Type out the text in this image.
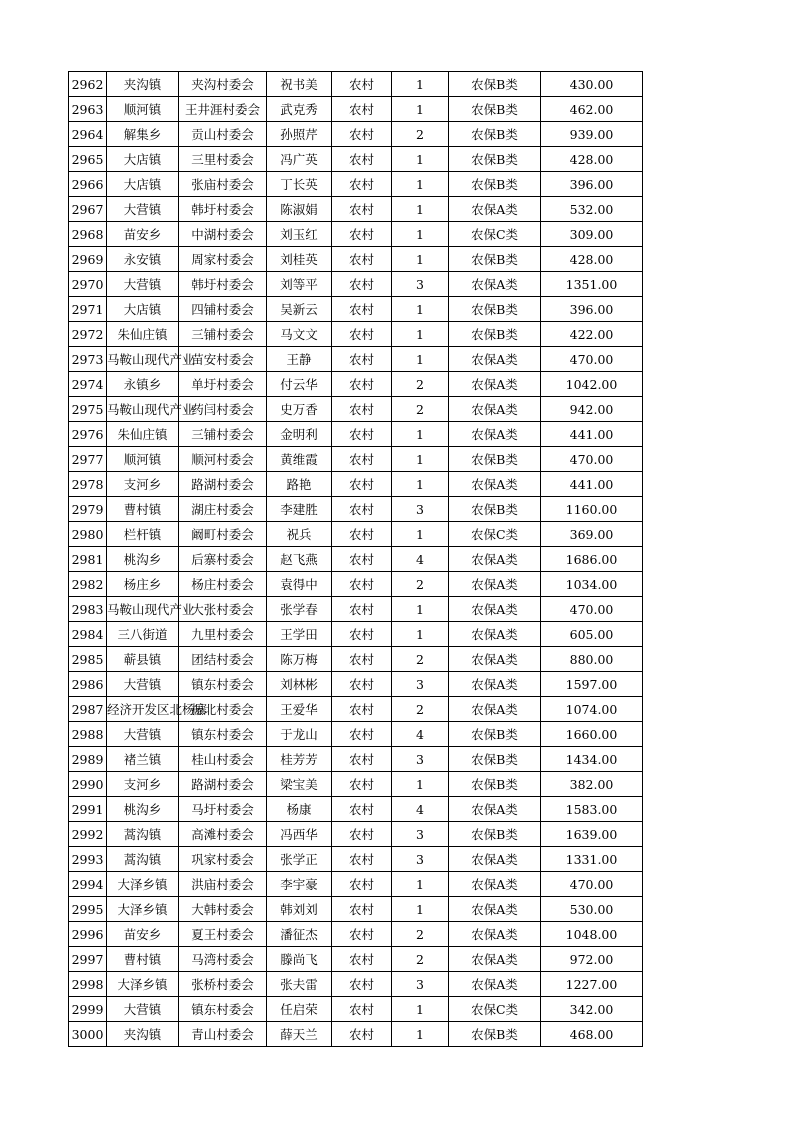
2962	夹沟镇	夹沟村委会	祝书美	农村	1	农保B类	430.00
2963	顺河镇	王井涯村委会	武克秀	农村	1	农保B类	462.00
2964	解集乡	贡山村委会	孙照芹	农村	2	农保B类	939.00
2965	大店镇	三里村委会	冯广英	农村	1	农保B类	428.00
2966	大店镇	张庙村委会	丁长英	农村	1	农保B类	396.00
2967	大营镇	韩圩村委会	陈淑娟	农村	1	农保A类	532.00
2968	苗安乡	中湖村委会	刘玉红	农村	1	农保C类	309.00
2969	永安镇	周家村委会	刘桂英	农村	1	农保B类	428.00
2970	大营镇	韩圩村委会	刘等平	农村	3	农保A类	1351.00
2971	大店镇	四铺村委会	吴新云	农村	1	农保B类	396.00
2972	朱仙庄镇	三铺村委会	马文文	农村	1	农保B类	422.00
2973	马鞍山现代产业	苗安村委会	王静	农村	1	农保A类	470.00
2974	永镇乡	单圩村委会	付云华	农村	2	农保A类	1042.00
2975	马鞍山现代产业	药闫村委会	史万香	农村	2	农保A类	942.00
2976	朱仙庄镇	三铺村委会	金明利	农村	1	农保A类	441.00
2977	顺河镇	顺河村委会	黄维霞	农村	1	农保B类	470.00
2978	支河乡	路湖村委会	路艳	农村	1	农保A类	441.00
2979	曹村镇	湖庄村委会	李建胜	农村	3	农保B类	1160.00
2980	栏杆镇	阚町村委会	祝兵	农村	1	农保C类	369.00
2981	桃沟乡	后寨村委会	赵飞燕	农村	4	农保A类	1686.00
2982	杨庄乡	杨庄村委会	袁得中	农村	2	农保A类	1034.00
2983	马鞍山现代产业	大张村委会	张学春	农村	1	农保A类	470.00
2984	三八街道	九里村委会	王学田	农村	1	农保A类	605.00
2985	蕲县镇	团结村委会	陈万梅	农村	2	农保A类	880.00
2986	大营镇	镇东村委会	刘林彬	农村	3	农保A类	1597.00
2987	经济开发区北杨寨	振北村委会	王爱华	农村	2	农保A类	1074.00
2988	大营镇	镇东村委会	于龙山	农村	4	农保B类	1660.00
2989	褚兰镇	桂山村委会	桂芳芳	农村	3	农保B类	1434.00
2990	支河乡	路湖村委会	梁宝美	农村	1	农保B类	382.00
2991	桃沟乡	马圩村委会	杨康	农村	4	农保A类	1583.00
2992	蒿沟镇	高滩村委会	冯西华	农村	3	农保B类	1639.00
2993	蒿沟镇	巩家村委会	张学正	农村	3	农保A类	1331.00
2994	大泽乡镇	洪庙村委会	李宇豪	农村	1	农保A类	470.00
2995	大泽乡镇	大韩村委会	韩刘刘	农村	1	农保A类	530.00
2996	苗安乡	夏王村委会	潘征杰	农村	2	农保A类	1048.00
2997	曹村镇	马湾村委会	滕尚飞	农村	2	农保A类	972.00
2998	大泽乡镇	张桥村委会	张夫雷	农村	3	农保A类	1227.00
2999	大营镇	镇东村委会	任启荣	农村	1	农保C类	342.00
3000	夹沟镇	青山村委会	薛天兰	农村	1	农保B类	468.00
